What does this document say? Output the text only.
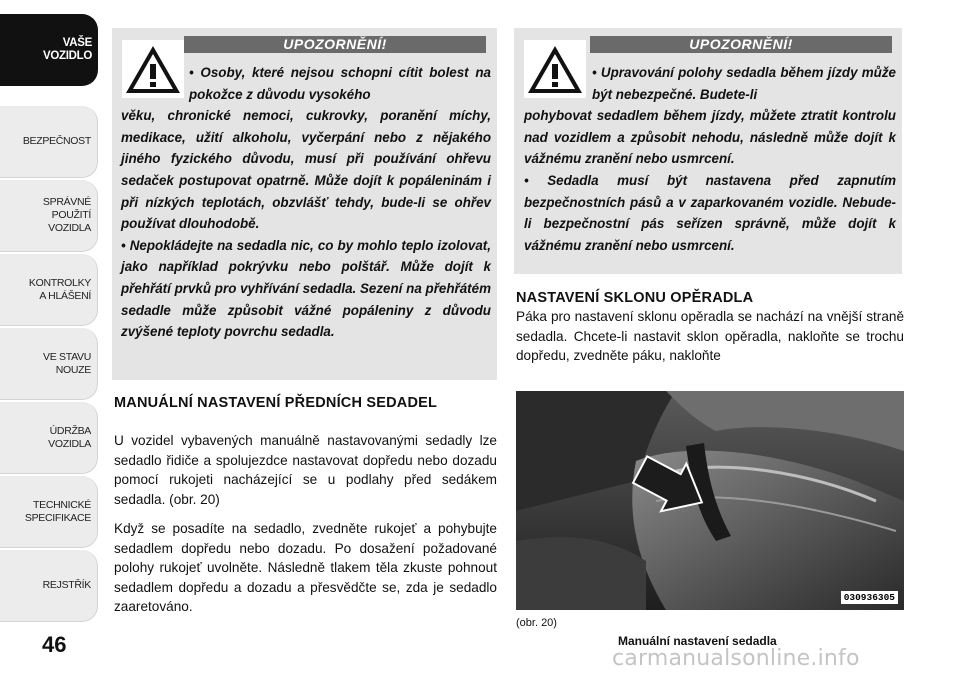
VAŠE
VOZIDLO
BEZPEČNOST
SPRÁVNÉ
POUŽITÍ
VOZIDLA
KONTROLKY
A HLÁŠENÍ
VE STAVU
NOUZE
ÚDRŽBA
VOZIDLA
TECHNICKÉ
SPECIFIKACE
REJSTŘÍK
46
UPOZORNĚNÍ!
• Osoby, které nejsou schopni cítit bolest na pokožce z důvodu vysokého
věku, chronické nemoci, cukrovky, poranění míchy, medikace, užití alkoholu, vyčerpání nebo z nějakého jiného fyzického důvodu, musí při používání ohřevu sedaček postupovat opatrně. Může dojít k popáleninám i při nízkých teplotách, obzvlášť tehdy, bude-li se ohřev používat dlouhodobě.
• Nepokládejte na sedadla nic, co by mohlo teplo izolovat, jako například pokrývku nebo polštář. Může dojít k přehřátí prvků pro vyhřívání sedadla. Sezení na přehřátém sedadle může způsobit vážné popáleniny z důvodu zvýšené teploty povrchu sedadla.
UPOZORNĚNÍ!
• Upravování polohy sedadla během jízdy může být nebezpečné. Budete-li
pohybovat sedadlem během jízdy, můžete ztratit kontrolu nad vozidlem a způsobit nehodu, následně může dojít k vážnému zranění nebo usmrcení.
• Sedadla musí být nastavena před zapnutím bezpečnostních pásů a v zaparkovaném vozidle. Nebude-li bezpečnostní pás seřízen správně, může dojít k vážnému zranění nebo usmrcení.
MANUÁLNÍ NASTAVENÍ PŘEDNÍCH SEDADEL
U vozidel vybavených manuálně nastavovanými sedadly lze sedadlo řidiče a spolujezdce nastavovat dopředu nebo dozadu pomocí rukojeti nacházející se u podlahy před sedákem sedadla. (obr. 20)
Když se posadíte na sedadlo, zvedněte rukojeť a pohybujte sedadlem dopředu nebo dozadu. Po dosažení požadované polohy rukojeť uvolněte. Následně tlakem těla zkuste pohnout sedadlem dopředu a dozadu a přesvědčte se, zda je sedadlo zaaretováno.
NASTAVENÍ SKLONU OPĚRADLA
Páka pro nastavení sklonu opěradla se nachází na vnější straně sedadla. Chcete-li nastavit sklon opěradla, nakloňte se trochu dopředu, zvedněte páku, nakloňte
030936305
(obr. 20)
Manuální nastavení sedadla
carmanualsonline.info
